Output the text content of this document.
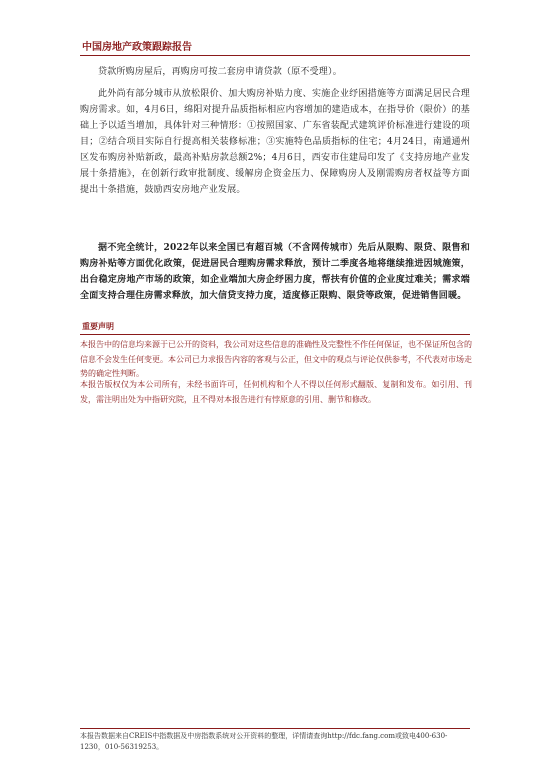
中国房地产政策跟踪报告

贷款所购房屋后，再购房可按二套房申请贷款（原不受理）。

此外尚有部分城市从放松限价、加大购房补贴力度、实施企业纾困措施等方面满足居民合理购房需求。如，4月6日，绵阳对提升品质指标相应内容增加的建造成本，在指导价（限价）的基础上予以适当增加，具体针对三种情形：①按照国家、广东省装配式建筑评价标准进行建设的项目；②结合项目实际自行提高相关装修标准；③实施特色品质指标的住宅；4月24日，南通通州区发布购房补贴新政，最高补贴房款总额2%；4月6日，西安市住建局印发了《支持房地产业发展十条措施》，在创新行政审批制度、缓解房企资金压力、保障购房人及刚需购房者权益等方面提出十条措施，鼓励西安房地产业发展。

据不完全统计，2022年以来全国已有超百城（不含网传城市）先后从限购、限贷、限售和购房补贴等方面优化政策，促进居民合理购房需求释放，预计二季度各地将继续推进因城施策，出台稳定房地产市场的政策，如企业端加大房企纾困力度，帮扶有价值的企业度过难关；需求端全面支持合理住房需求释放，加大信贷支持力度，适度修正限购、限贷等政策，促进销售回暖。

重要声明

本报告中的信息均来源于已公开的资料，我公司对这些信息的准确性及完整性不作任何保证，也不保证所包含的信息不会发生任何变更。本公司已力求报告内容的客观与公正，但文中的观点与评论仅供参考，不代表对市场走势的确定性判断。

本报告版权仅为本公司所有，未经书面许可，任何机构和个人不得以任何形式翻版、复制和发布。如引用、刊发，需注明出处为中指研究院，且不得对本报告进行有悖原意的引用、删节和修改。

本报告数据来自CREIS中指数据及中房指数系统对公开资料的整理，详情请查询http://fdc.fang.com或致电400-630-1230，010-56319253。
